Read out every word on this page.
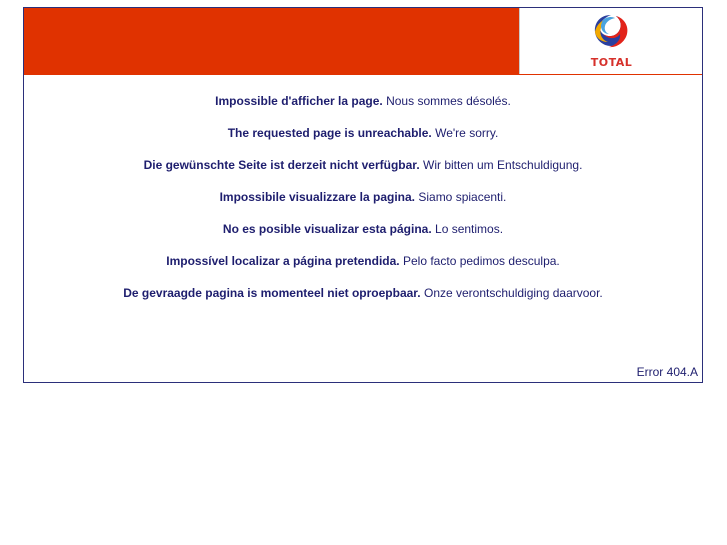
TOTAL
Impossible d'afficher la page. Nous sommes désolés.
The requested page is unreachable. We're sorry.
Die gewünschte Seite ist derzeit nicht verfügbar. Wir bitten um Entschuldigung.
Impossibile visualizzare la pagina. Siamo spiacenti.
No es posible visualizar esta página. Lo sentimos.
Impossível localizar a página pretendida. Pelo facto pedimos desculpa.
De gevraagde pagina is momenteel niet oproepbaar. Onze verontschuldiging daarvoor.
Error 404.A
